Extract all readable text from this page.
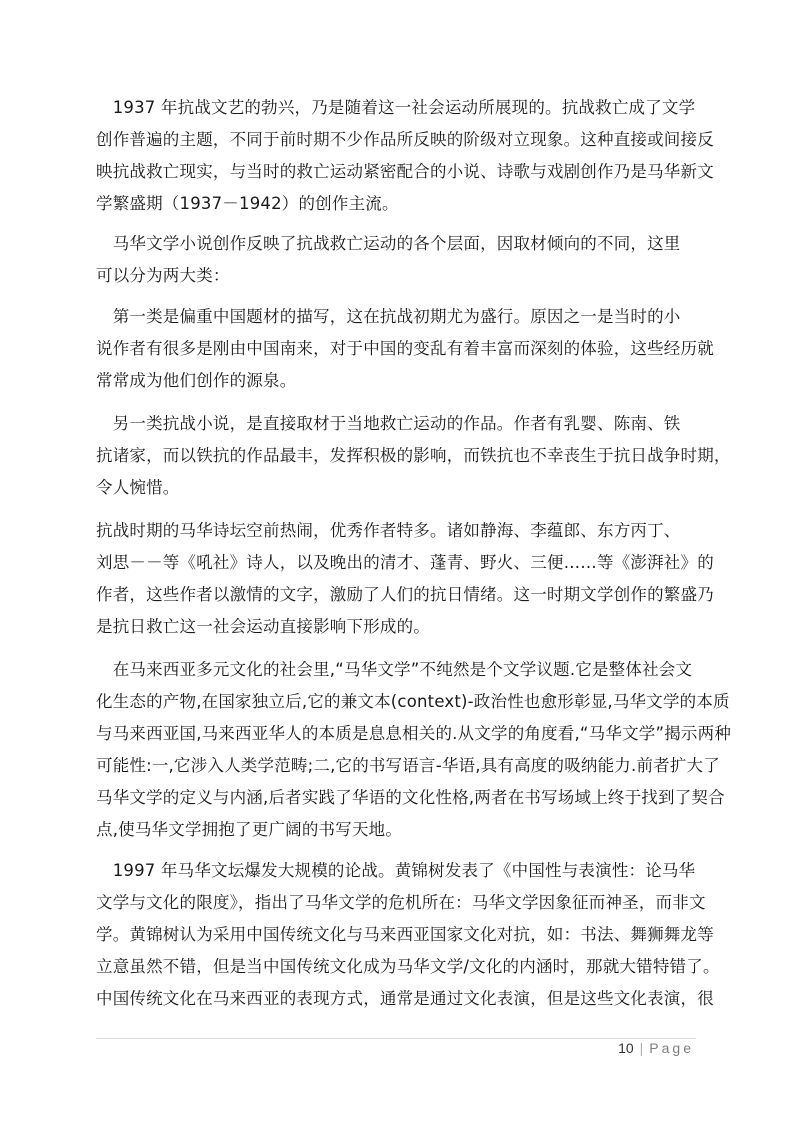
　1937 年抗战文艺的勃兴，乃是随着这一社会运动所展现的。抗战救亡成了文学
创作普遍的主题，不同于前时期不少作品所反映的阶级对立现象。这种直接或间接反
映抗战救亡现实，与当时的救亡运动紧密配合的小说、诗歌与戏剧创作乃是马华新文
学繁盛期（1937－1942）的创作主流。
　马华文学小说创作反映了抗战救亡运动的各个层面，因取材倾向的不同，这里
可以分为两大类：
　第一类是偏重中国题材的描写，这在抗战初期尤为盛行。原因之一是当时的小
说作者有很多是刚由中国南来，对于中国的变乱有着丰富而深刻的体验，这些经历就
常常成为他们创作的源泉。
　另一类抗战小说，是直接取材于当地救亡运动的作品。作者有乳婴、陈南、铁
抗诸家，而以铁抗的作品最丰，发挥积极的影响，而铁抗也不幸丧生于抗日战争时期，
令人惋惜。
抗战时期的马华诗坛空前热闹，优秀作者特多。诸如静海、李蕴郎、东方丙丁、
刘思－－等《吼社》诗人，以及晚出的清才、蓬青、野火、三便……等《澎湃社》的
作者，这些作者以激情的文字，激励了人们的抗日情绪。这一时期文学创作的繁盛乃
是抗日救亡这一社会运动直接影响下形成的。
　在马来西亚多元文化的社会里,“马华文学”不纯然是个文学议题.它是整体社会文
化生态的产物,在国家独立后,它的兼文本(context)-政治性也愈形彰显,马华文学的本质
与马来西亚国,马来西亚华人的本质是息息相关的.从文学的角度看,“马华文学”揭示两种
可能性:一,它涉入人类学范畴;二,它的书写语言-华语,具有高度的吸纳能力.前者扩大了
马华文学的定义与内涵,后者实践了华语的文化性格,两者在书写场域上终于找到了契合
点,使马华文学拥抱了更广阔的书写天地。
　1997 年马华文坛爆发大规模的论战。黄锦树发表了《中国性与表演性：论马华
文学与文化的限度》，指出了马华文学的危机所在：马华文学因象征而神圣，而非文
学。黄锦树认为采用中国传统文化与马来西亚国家文化对抗，如：书法、舞狮舞龙等
立意虽然不错，但是当中国传统文化成为马华文学/文化的内涵时，那就大错特错了。
中国传统文化在马来西亚的表现方式，通常是通过文化表演，但是这些文化表演，很
10 | Page
